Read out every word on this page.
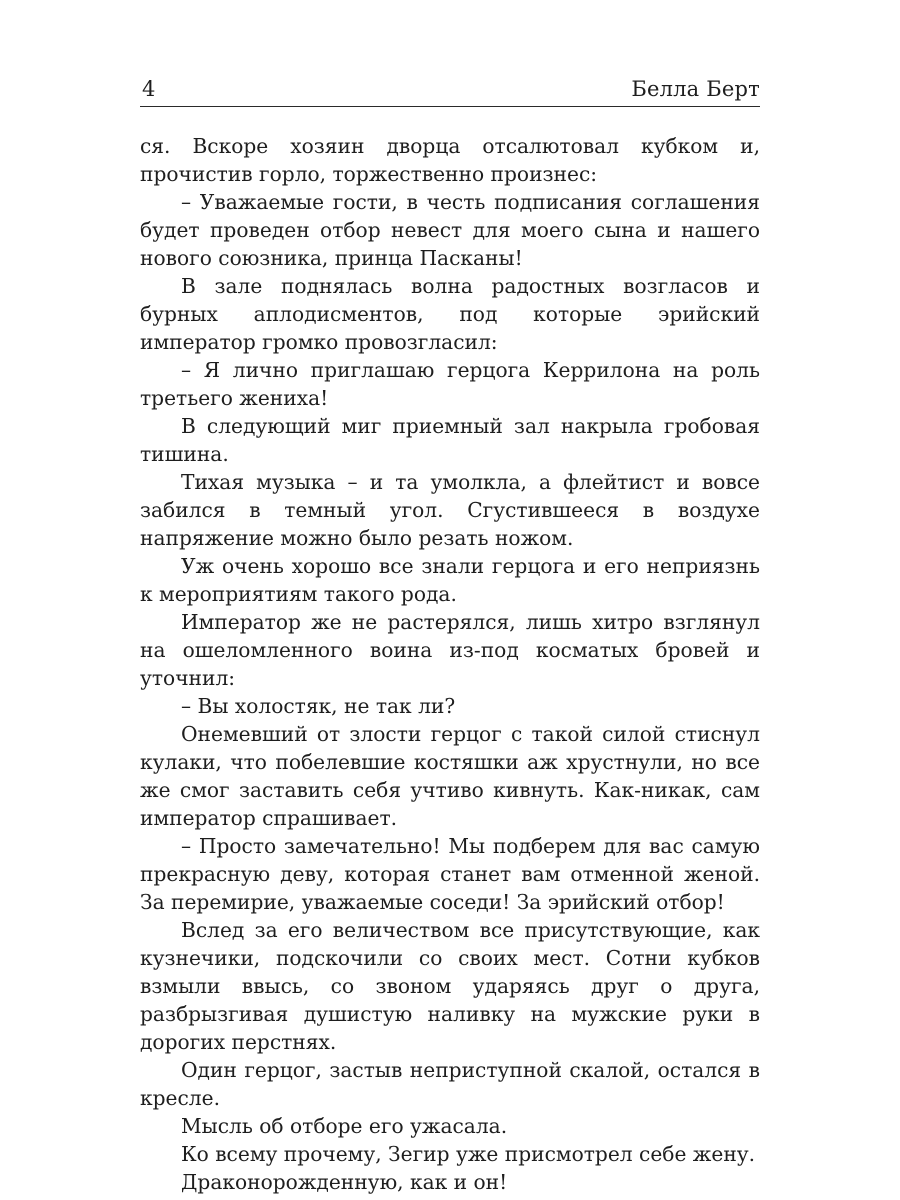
4	Белла Берт

ся. Вскоре хозяин дворца отсалютовал кубком и, прочистив горло, торжественно произнес:

– Уважаемые гости, в честь подписания соглашения будет проведен отбор невест для моего сына и нашего нового союзника, принца Пасканы!

В зале поднялась волна радостных возгласов и бурных аплодисментов, под которые эрийский император громко провозгласил:

– Я лично приглашаю герцога Керрилона на роль третьего жениха!

В следующий миг приемный зал накрыла гробовая тишина.

Тихая музыка – и та умолкла, а флейтист и вовсе забился в темный угол. Сгустившееся в воздухе напряжение можно было резать ножом.

Уж очень хорошо все знали герцога и его неприязнь к мероприятиям такого рода.

Император же не растерялся, лишь хитро взглянул на ошеломленного воина из-под косматых бровей и уточнил:

– Вы холостяк, не так ли?

Онемевший от злости герцог с такой силой стиснул кулаки, что побелевшие костяшки аж хрустнули, но все же смог заставить себя учтиво кивнуть. Как-никак, сам император спрашивает.

– Просто замечательно! Мы подберем для вас самую прекрасную деву, которая станет вам отменной женой. За перемирие, уважаемые соседи! За эрийский отбор!

Вслед за его величеством все присутствующие, как кузнечики, подскочили со своих мест. Сотни кубков взмыли ввысь, со звоном ударяясь друг о друга, разбрызгивая душистую наливку на мужские руки в дорогих перстнях.

Один герцог, застыв неприступной скалой, остался в кресле.

Мысль об отборе его ужасала.

Ко всему прочему, Зегир уже присмотрел себе жену.

Драконорожденную, как и он!
